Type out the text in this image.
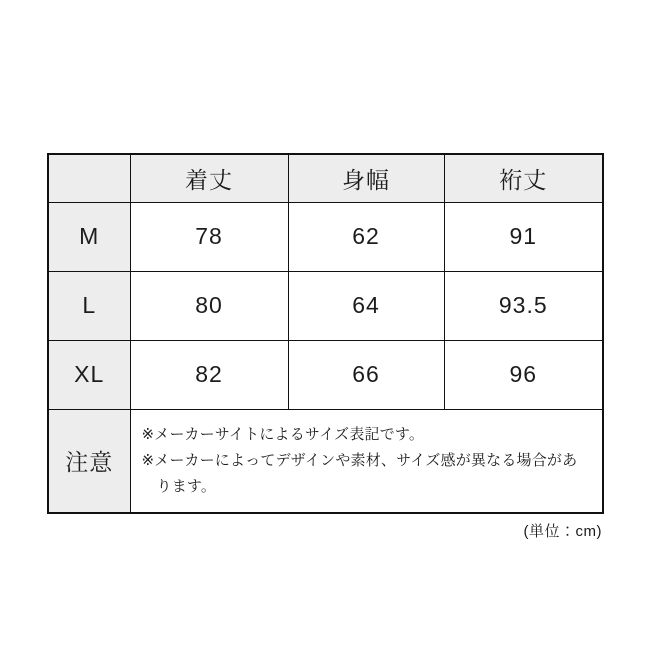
	着丈	身幅	裄丈
M	78	62	91
L	80	64	93.5
XL	82	66	96
注意	※メーカーサイトによるサイズ表記です。

※メーカーによってデザインや素材、サイズ感が異なる場合があります。		

(単位：cm)
